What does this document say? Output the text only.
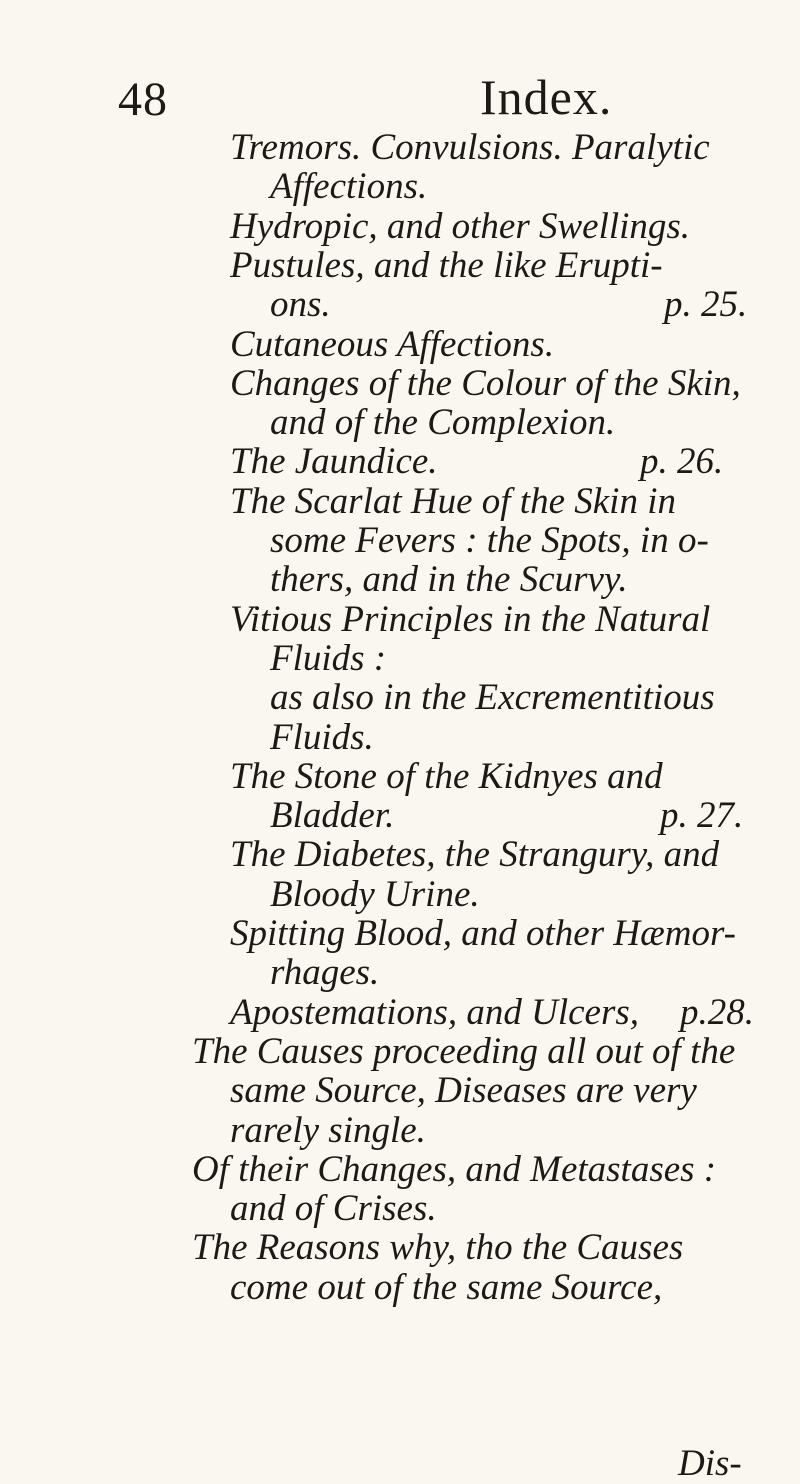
48	Index.
Tremors. Convulsions. Paralytic
Affections.
Hydropic, and other Swellings.
Pustules, and the like Erupti-
ons.	p. 25.
Cutaneous Affections.
Changes of the Colour of the Skin,
and of the Complexion.
The Jaundice.	p. 26.
The Scarlat Hue of the Skin in
some Fevers : the Spots, in o-
thers, and in the Scurvy.
Vitious Principles in the Natural
Fluids :
as also in the Excrementitious
Fluids.
The Stone of the Kidnyes and
Bladder.	p. 27.
The Diabetes, the Strangury, and
Bloody Urine.
Spitting Blood, and other Hæmor-
rhages.
Apostemations, and Ulcers, p.28.
The Causes proceeding all out of the
same Source, Diseases are very
rarely single.
Of their Changes, and Metastases :
and of Crises.
The Reasons why, tho the Causes
come out of the same Source,
Dis-
